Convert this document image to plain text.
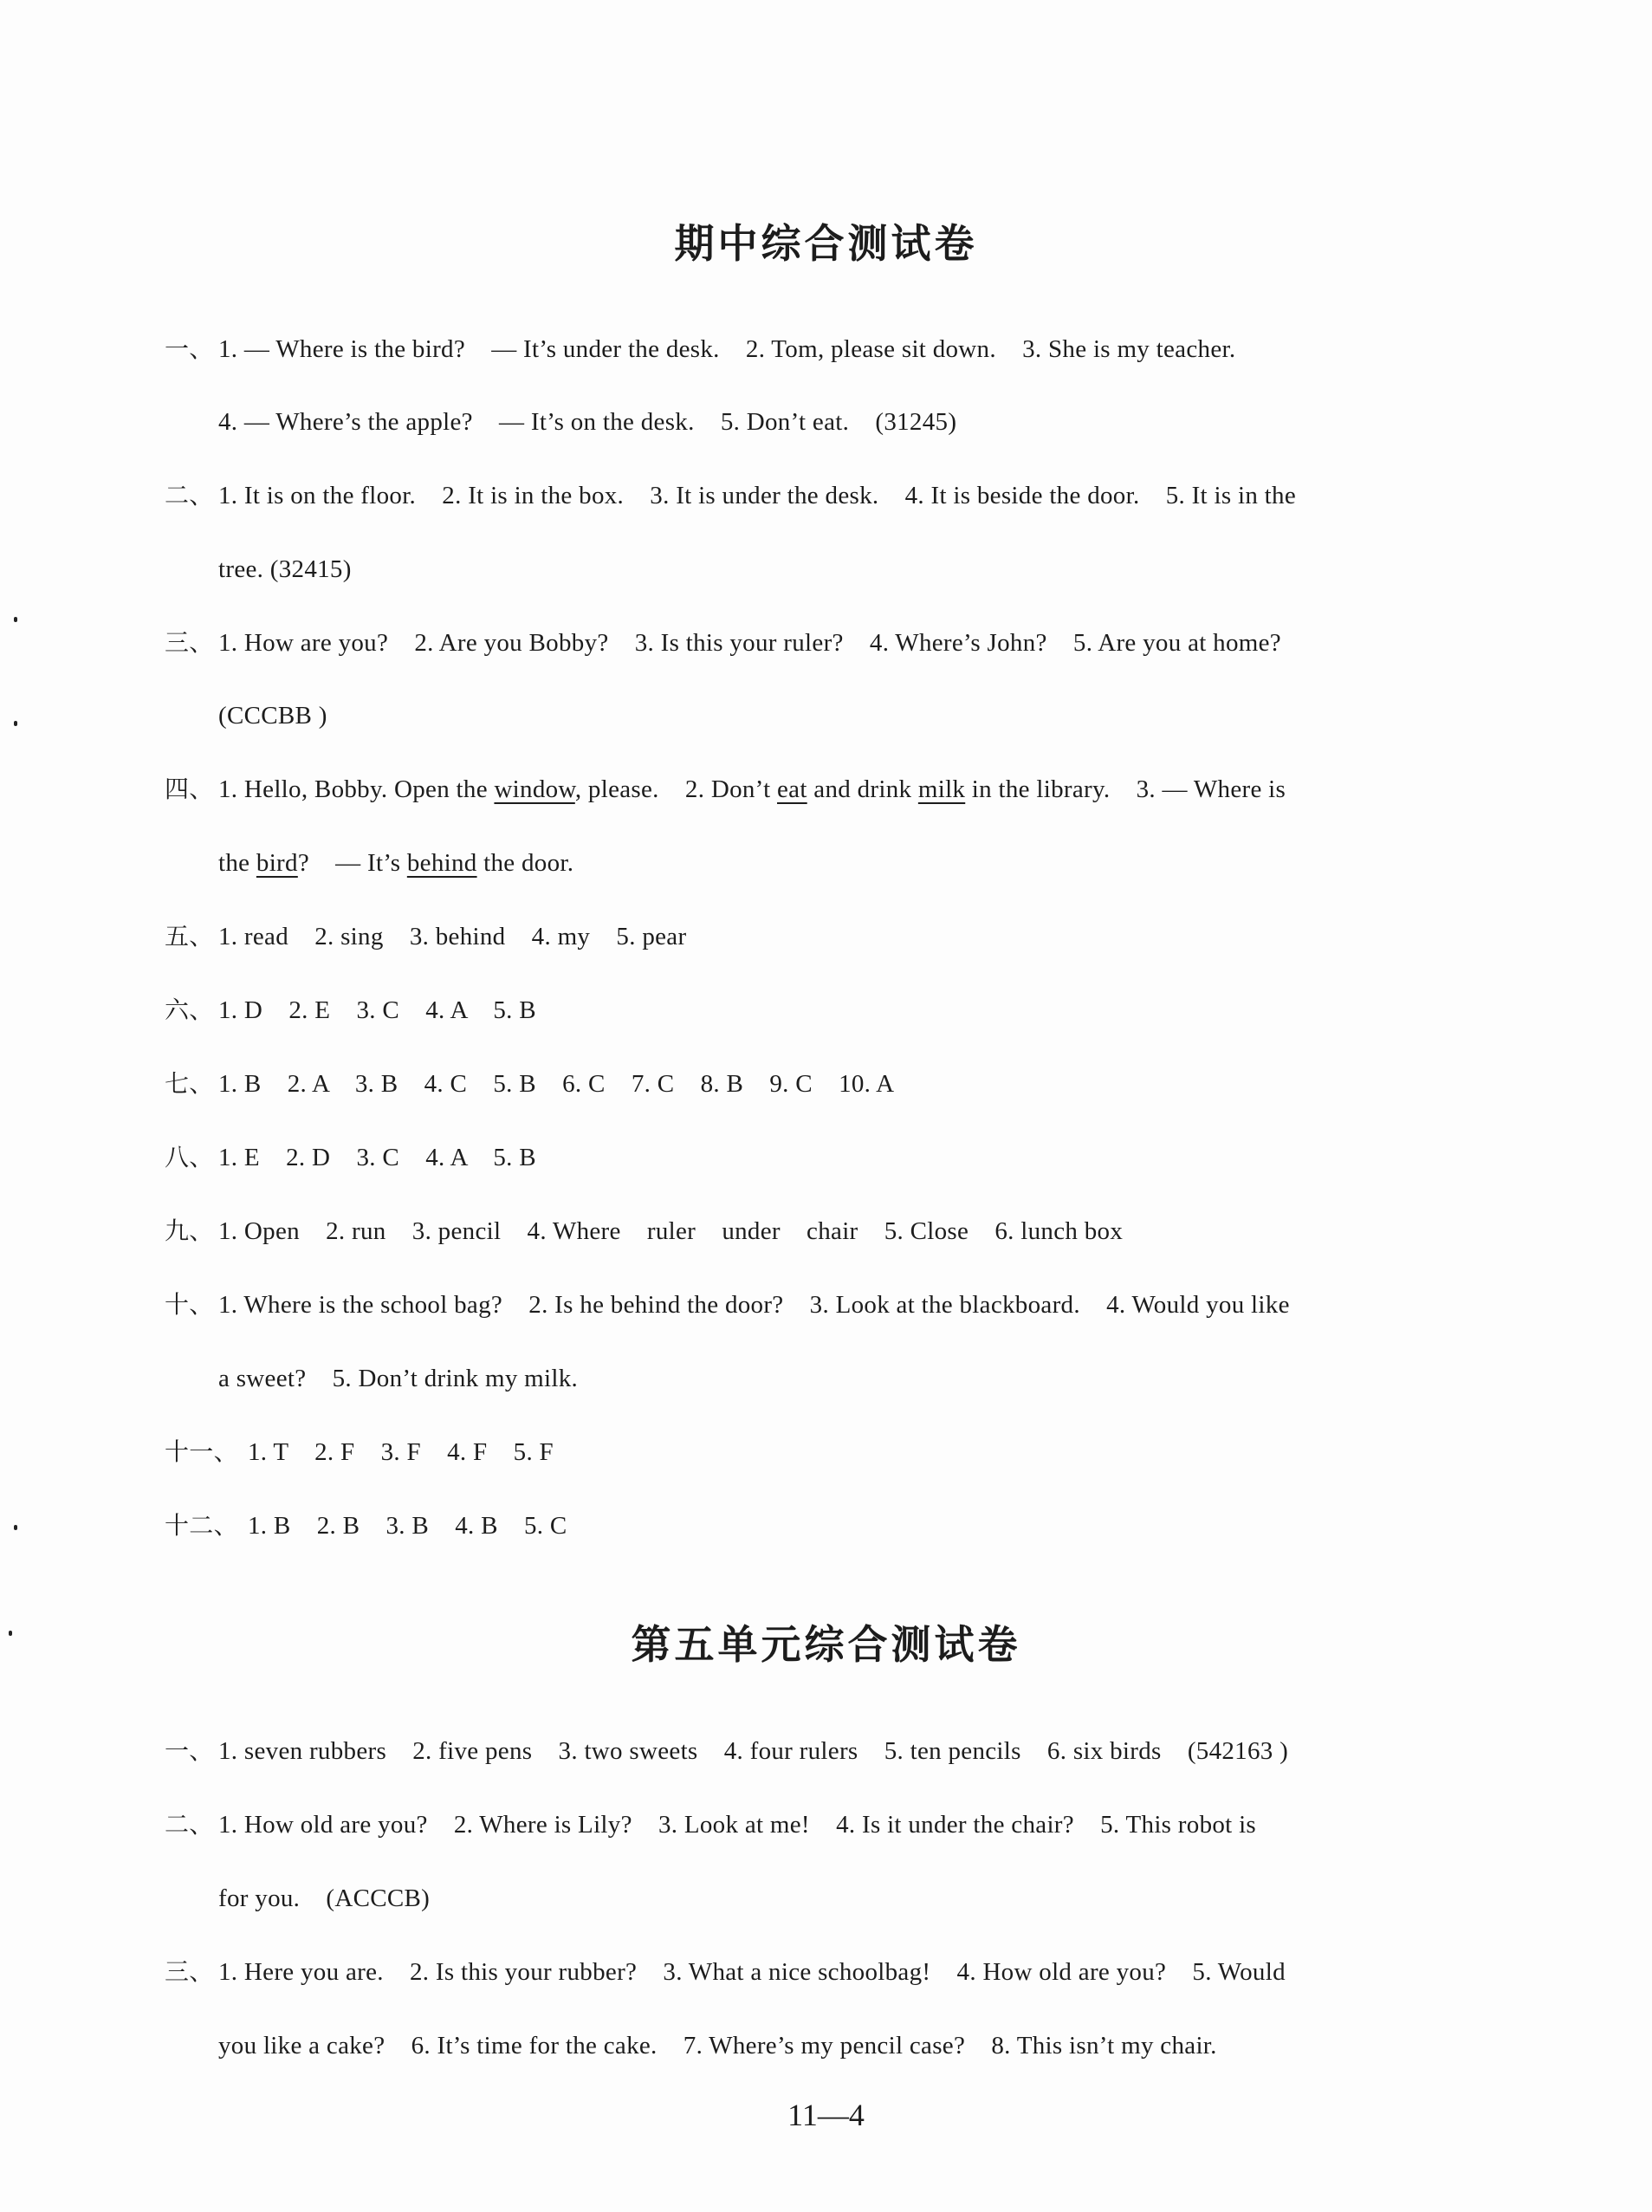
期中综合测试卷
一、 1. — Where is the bird?    — It’s under the desk.    2. Tom, please sit down.    3. She is my teacher.
4. — Where’s the apple?    — It’s on the desk.    5. Don’t eat.    (31245)
二、 1. It is on the floor.    2. It is in the box.    3. It is under the desk.    4. It is beside the door.    5. It is in the
tree. (32415)
三、 1. How are you?    2. Are you Bobby?    3. Is this your ruler?    4. Where’s John?    5. Are you at home?
(CCCBB )
四、 1. Hello, Bobby. Open the window, please.    2. Don’t eat and drink milk in the library.    3. — Where is
the bird?    — It’s behind the door.
五、 1. read    2. sing    3. behind    4. my    5. pear
六、 1. D    2. E    3. C    4. A    5. B
七、 1. B    2. A    3. B    4. C    5. B    6. C    7. C    8. B    9. C    10. A
八、 1. E    2. D    3. C    4. A    5. B
九、 1. Open    2. run    3. pencil    4. Where    ruler    under    chair    5. Close    6. lunch box
十、 1. Where is the school bag?    2. Is he behind the door?    3. Look at the blackboard.    4. Would you like
a sweet?    5. Don’t drink my milk.
十一、 1. T    2. F    3. F    4. F    5. F
十二、 1. B    2. B    3. B    4. B    5. C
第五单元综合测试卷
一、 1. seven rubbers    2. five pens    3. two sweets    4. four rulers    5. ten pencils    6. six birds    (542163 )
二、 1. How old are you?    2. Where is Lily?    3. Look at me!    4. Is it under the chair?    5. This robot is
for you.    (ACCCB)
三、 1. Here you are.    2. Is this your rubber?    3. What a nice schoolbag!    4. How old are you?    5. Would
you like a cake?    6. It’s time for the cake.    7. Where’s my pencil case?    8. This isn’t my chair.
11—4
